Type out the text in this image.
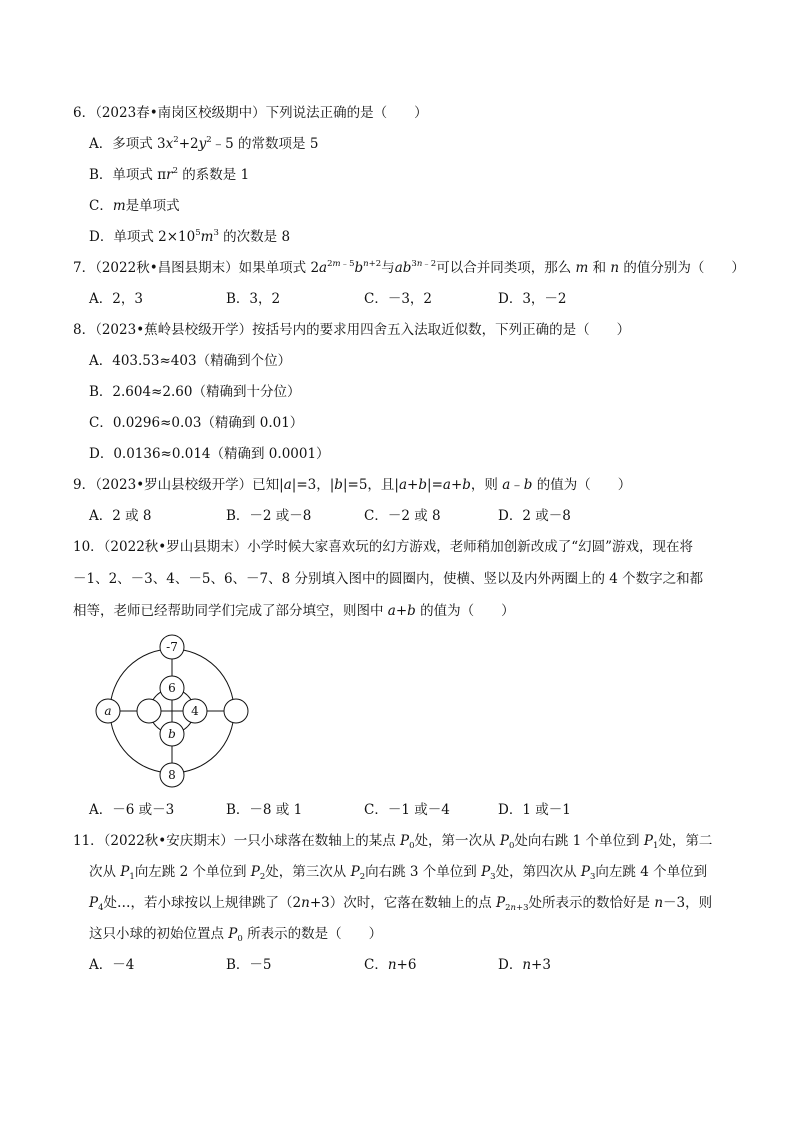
6．（2023春•南岗区校级期中）下列说法正确的是（　　）
A．多项式 $3x^2+2y^2﹣5$ 的常数项是 5
B．单项式 $\pi r^2$ 的系数是 1
C．m是单项式
D．单项式 $2\times 10^5m^3$ 的次数是 8
7．（2022秋•昌图县期末）如果单项式 $2a^{2m﹣5}b^{n+2}$与$ab^{3n﹣2}$可以合并同类项，那么 m 和 n 的值分别为（　　）
A．2，3	B．3，2	C．－3，2	D．3，－2
8．（2023•蕉岭县校级开学）按括号内的要求用四舍五入法取近似数，下列正确的是（　　）
A．403.53≈403（精确到个位）
B．2.604≈2.60（精确到十分位）
C．0.0296≈0.03（精确到 0.01）
D．0.0136≈0.014（精确到 0.0001）
9．（2023•罗山县校级开学）已知|a|=3，|b|=5，且|a+b|=a+b，则 a﹣b 的值为（　　）
A．2 或 8	B．－2 或－8	C．－2 或 8	D．2 或－8
10．（2022秋•罗山县期末）小学时候大家喜欢玩的幻方游戏，老师稍加创新改成了“幻圆”游戏，现在将
－1、2、－3、4、－5、6、－7、8 分别填入图中的圆圈内，使横、竖以及内外两圈上的 4 个数字之和都
相等，老师已经帮助同学们完成了部分填空，则图中 a+b 的值为（　　）
-7
6
4
b
a
8
A．－6 或－3	B．－8 或 1	C．－1 或－4	D．1 或－1
11．（2022秋•安庆期末）一只小球落在数轴上的某点 $P_0$处，第一次从 $P_0$处向右跳 1 个单位到 $P_1$处，第二
次从 $P_1$向左跳 2 个单位到 $P_2$处，第三次从 $P_2$向右跳 3 个单位到 $P_3$处，第四次从 $P_3$向左跳 4 个单位到
$P_4$处…，若小球按以上规律跳了（2n+3）次时，它落在数轴上的点 $P_{2n+3}$处所表示的数恰好是 n－3，则
这只小球的初始位置点 $P_0$ 所表示的数是（　　）
A．－4	B．－5	C．n+6	D．n+3
